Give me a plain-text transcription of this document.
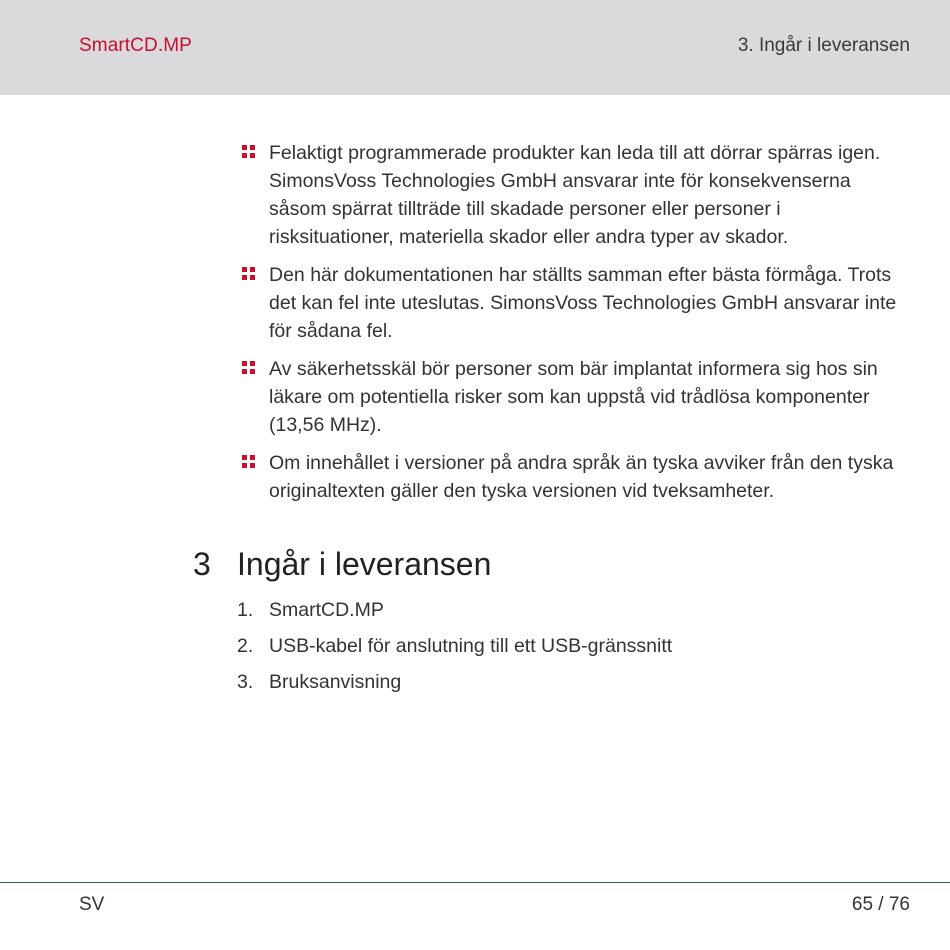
SmartCD.MP	3. Ingår i leveransen
Felaktigt programmerade produkter kan leda till att dörrar spärras igen. SimonsVoss Technologies GmbH ansvarar inte för konsekvenserna såsom spärrat tillträde till skadade personer eller personer i risksituationer, materiella skador eller andra typer av skador.
Den här dokumentationen har ställts samman efter bästa förmåga. Trots det kan fel inte uteslutas. SimonsVoss Technologies GmbH ansvarar inte för sådana fel.
Av säkerhetsskäl bör personer som bär implantat informera sig hos sin läkare om potentiella risker som kan uppstå vid trådlösa komponenter (13,56 MHz).
Om innehållet i versioner på andra språk än tyska avviker från den tyska originaltexten gäller den tyska versionen vid tveksamheter.
3 Ingår i leveransen
1. SmartCD.MP
2. USB-kabel för anslutning till ett USB-gränssnitt
3. Bruksanvisning
SV	65 / 76
